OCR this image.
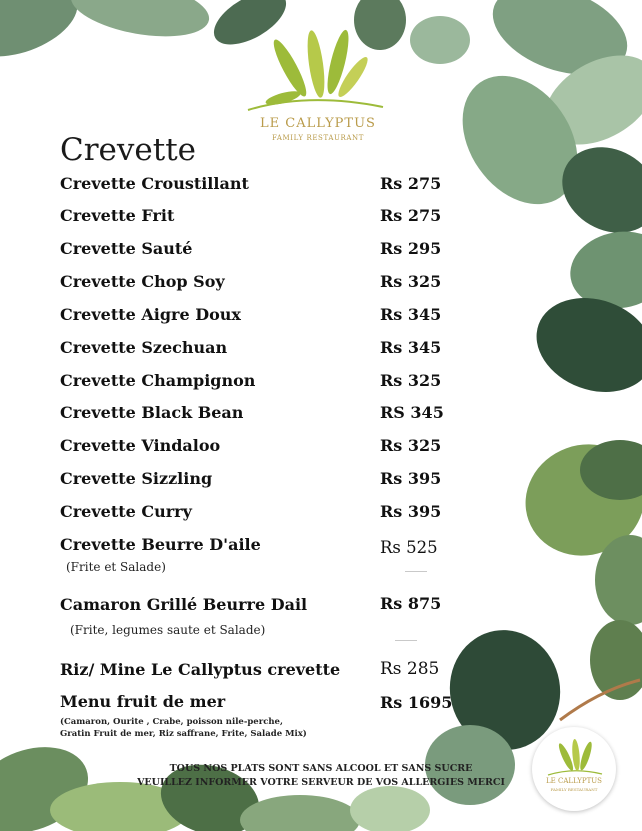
LE CALLYPTUS
FAMILY RESTAURANT
Crevette
Crevette Croustillant	Rs 275
Crevette Frit	Rs 275
Crevette Sauté	Rs 295
Crevette Chop Soy	Rs 325
Crevette Aigre Doux	Rs 345
Crevette Szechuan	Rs 345
Crevette Champignon	Rs 325
Crevette Black Bean	RS 345
Crevette Vindaloo	Rs 325
Crevette Sizzling	Rs 395
Crevette Curry	Rs 395
Crevette Beurre D'aile	Rs 525
(Frite et Salade)
Camaron Grillé Beurre Dail	Rs 875
(Frite, legumes saute et Salade)
Riz/ Mine Le Callyptus crevette Rs 285
Menu fruit de mer	Rs 1695
(Camaron, Ourite , Crabe, poisson nile-perche,
Gratin Fruit de mer, Riz saffrane, Frite, Salade Mix)
TOUS NOS PLATS SONT SANS ALCOOL ET SANS SUCRE
VEUILLEZ INFORMER VOTRE SERVEUR DE VOS ALLERGIES MERCI	LE CALLYPTUS
FAMILY RESTAURANT
